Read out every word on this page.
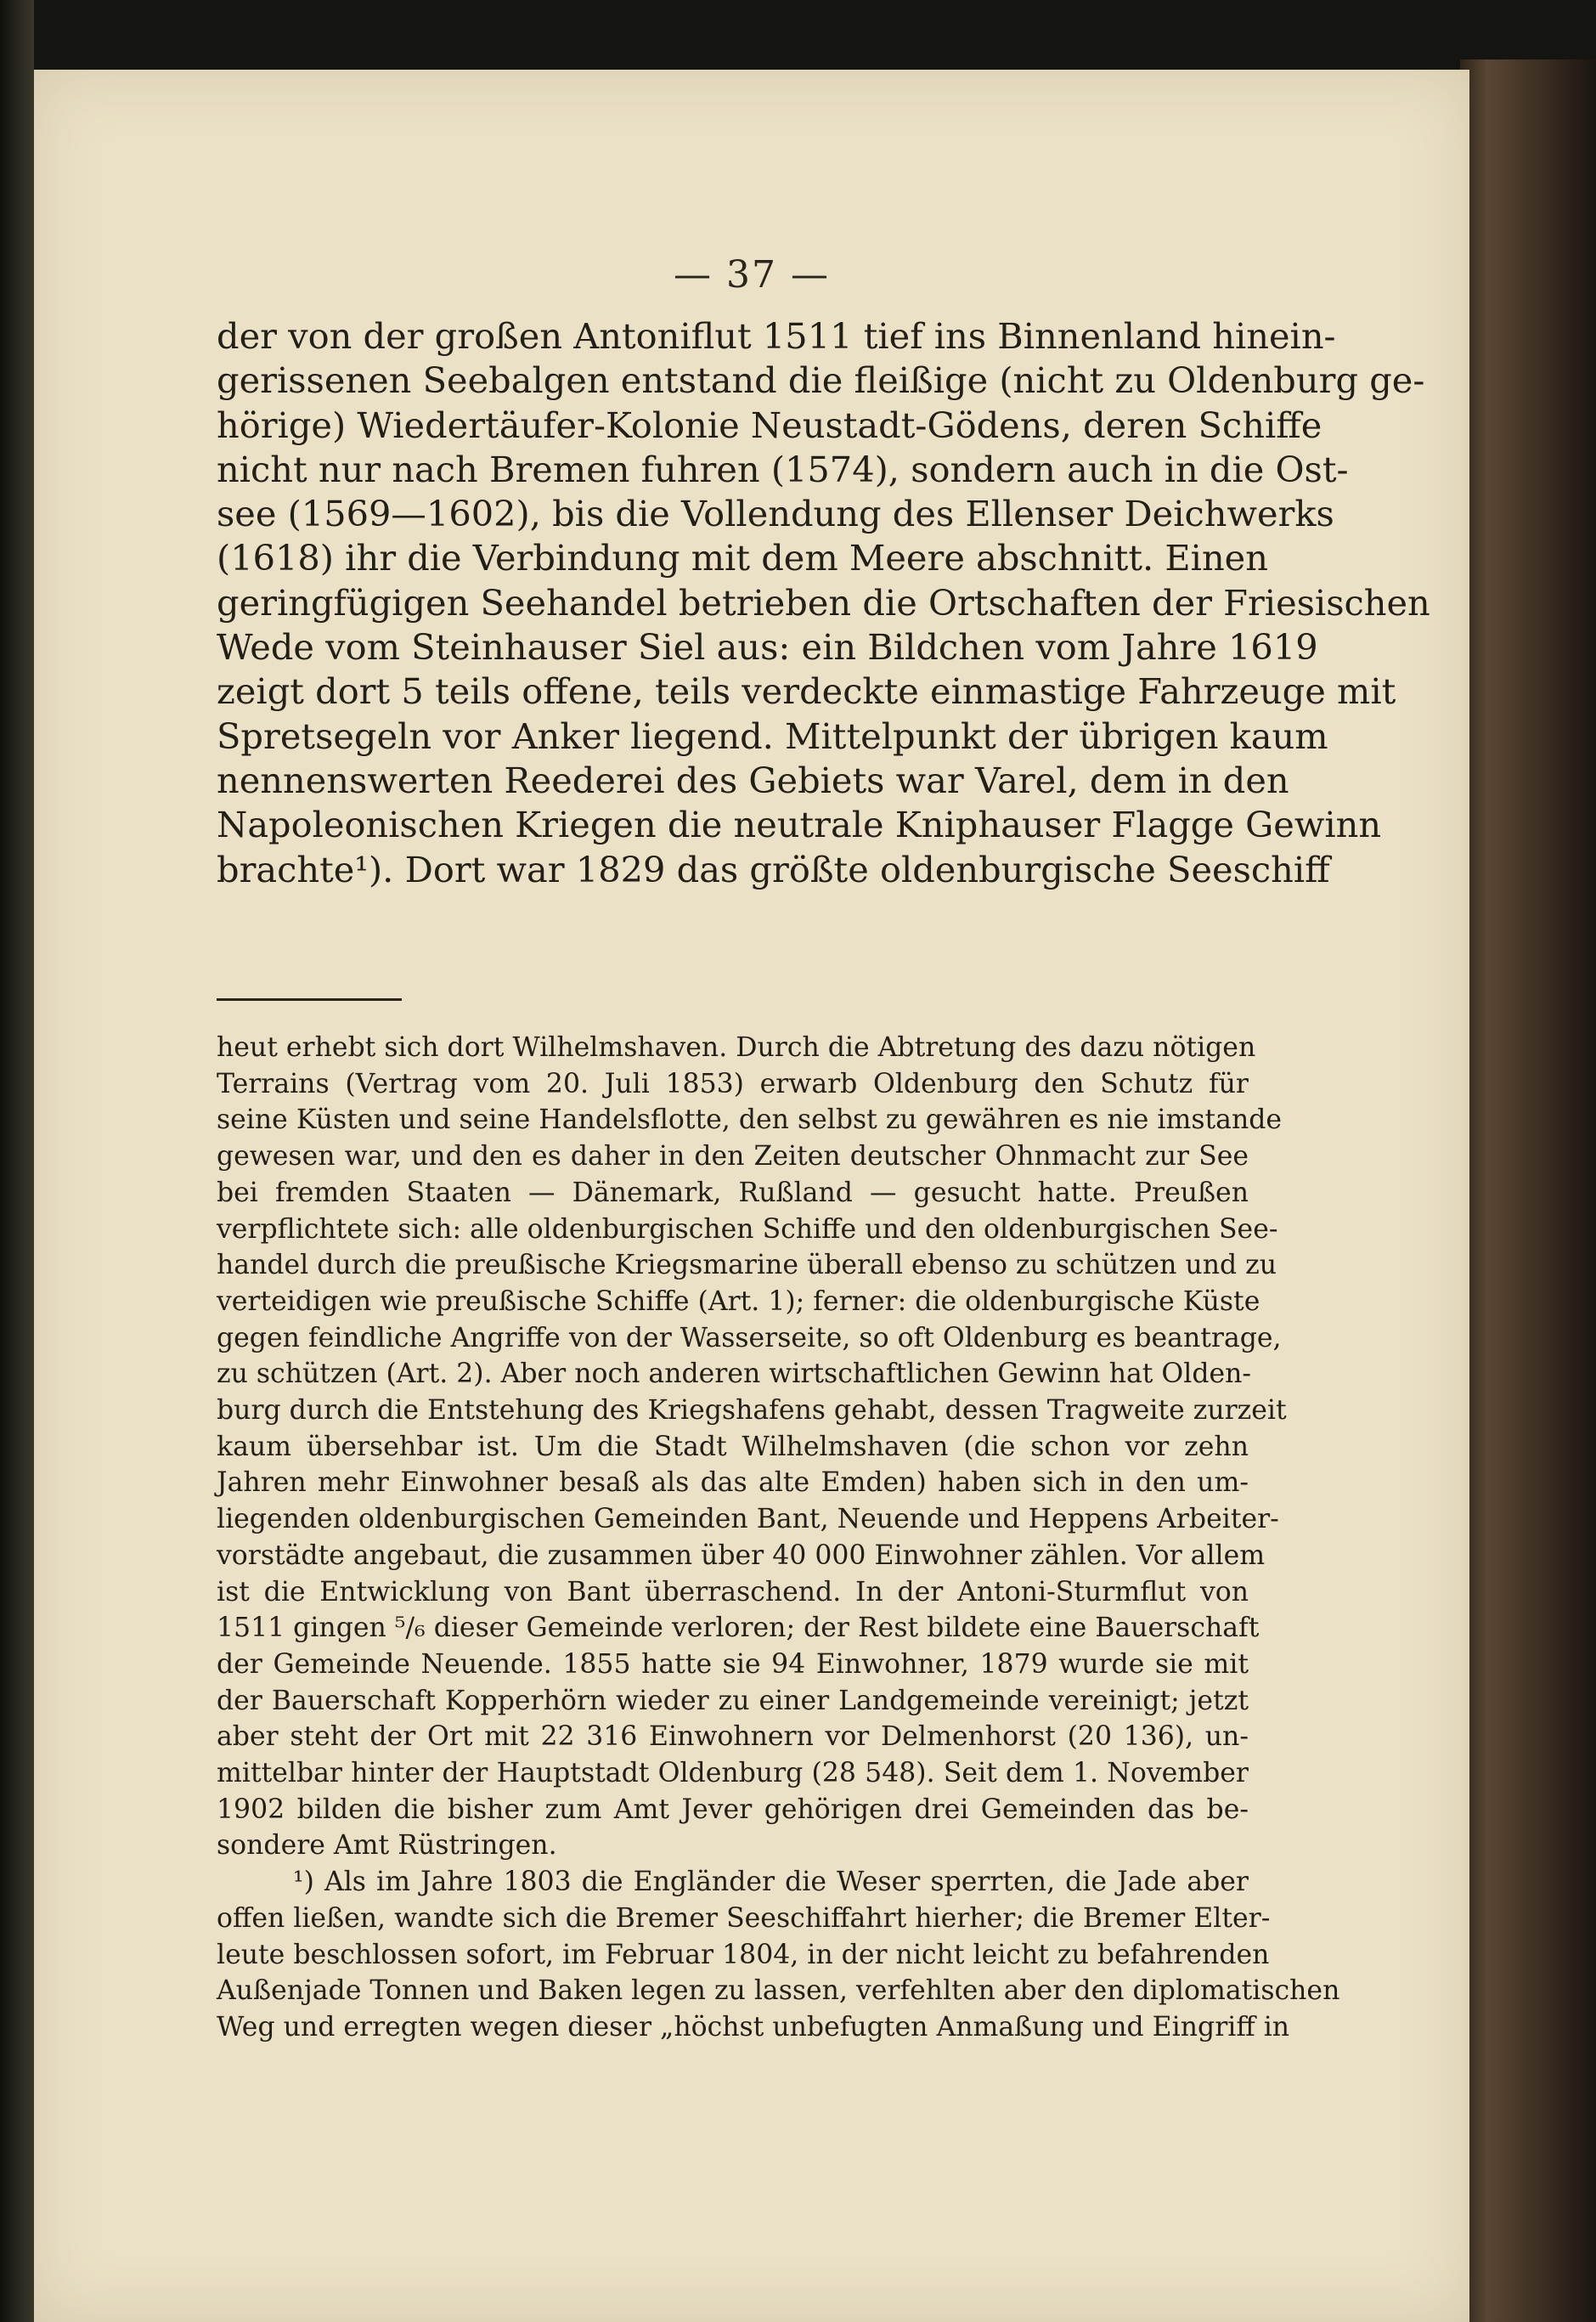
— 37 —
der von der großen Antoniflut 1511 tief ins Binnenland hinein-
gerissenen Seebalgen entstand die fleißige (nicht zu Oldenburg ge-
hörige) Wiedertäufer-Kolonie Neustadt-Gödens, deren Schiffe
nicht nur nach Bremen fuhren (1574), sondern auch in die Ost-
see (1569—1602), bis die Vollendung des Ellenser Deichwerks
(1618) ihr die Verbindung mit dem Meere abschnitt. Einen
geringfügigen Seehandel betrieben die Ortschaften der Friesischen
Wede vom Steinhauser Siel aus: ein Bildchen vom Jahre 1619
zeigt dort 5 teils offene, teils verdeckte einmastige Fahrzeuge mit
Spretsegeln vor Anker liegend. Mittelpunkt der übrigen kaum
nennenswerten Reederei des Gebiets war Varel, dem in den
Napoleonischen Kriegen die neutrale Kniphauser Flagge Gewinn
brachte¹). Dort war 1829 das größte oldenburgische Seeschiff
heut erhebt sich dort Wilhelmshaven. Durch die Abtretung des dazu nötigen
Terrains (Vertrag vom 20. Juli 1853) erwarb Oldenburg den Schutz für
seine Küsten und seine Handelsflotte, den selbst zu gewähren es nie imstande
gewesen war, und den es daher in den Zeiten deutscher Ohnmacht zur See
bei fremden Staaten — Dänemark, Rußland — gesucht hatte. Preußen
verpflichtete sich: alle oldenburgischen Schiffe und den oldenburgischen See-
handel durch die preußische Kriegsmarine überall ebenso zu schützen und zu
verteidigen wie preußische Schiffe (Art. 1); ferner: die oldenburgische Küste
gegen feindliche Angriffe von der Wasserseite, so oft Oldenburg es beantrage,
zu schützen (Art. 2). Aber noch anderen wirtschaftlichen Gewinn hat Olden-
burg durch die Entstehung des Kriegshafens gehabt, dessen Tragweite zurzeit
kaum übersehbar ist. Um die Stadt Wilhelmshaven (die schon vor zehn
Jahren mehr Einwohner besaß als das alte Emden) haben sich in den um-
liegenden oldenburgischen Gemeinden Bant, Neuende und Heppens Arbeiter-
vorstädte angebaut, die zusammen über 40 000 Einwohner zählen. Vor allem
ist die Entwicklung von Bant überraschend. In der Antoni-Sturmflut von
1511 gingen ⁵/₆ dieser Gemeinde verloren; der Rest bildete eine Bauerschaft
der Gemeinde Neuende. 1855 hatte sie 94 Einwohner, 1879 wurde sie mit
der Bauerschaft Kopperhörn wieder zu einer Landgemeinde vereinigt; jetzt
aber steht der Ort mit 22 316 Einwohnern vor Delmenhorst (20 136), un-
mittelbar hinter der Hauptstadt Oldenburg (28 548). Seit dem 1. November
1902 bilden die bisher zum Amt Jever gehörigen drei Gemeinden das be-
sondere Amt Rüstringen.
¹) Als im Jahre 1803 die Engländer die Weser sperrten, die Jade aber
offen ließen, wandte sich die Bremer Seeschiffahrt hierher; die Bremer Elter-
leute beschlossen sofort, im Februar 1804, in der nicht leicht zu befahrenden
Außenjade Tonnen und Baken legen zu lassen, verfehlten aber den diplomatischen
Weg und erregten wegen dieser „höchst unbefugten Anmaßung und Eingriff in
